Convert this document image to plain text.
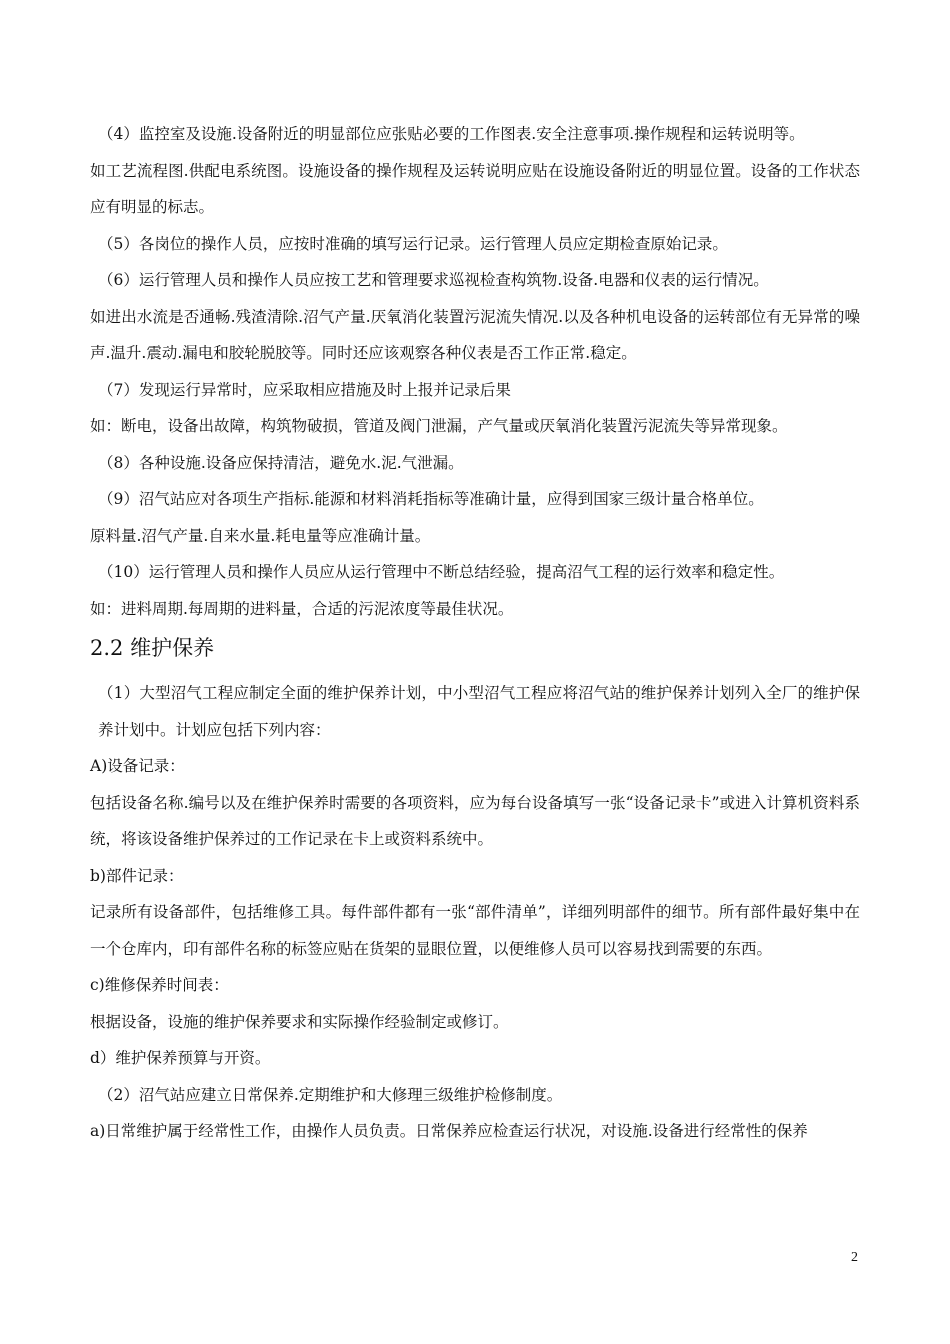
（4）监控室及设施.设备附近的明显部位应张贴必要的工作图表.安全注意事项.操作规程和运转说明等。

如工艺流程图.供配电系统图。设施设备的操作规程及运转说明应贴在设施设备附近的明显位置。设备的工作状态应有明显的标志。

（5）各岗位的操作人员，应按时准确的填写运行记录。运行管理人员应定期检查原始记录。

（6）运行管理人员和操作人员应按工艺和管理要求巡视检查构筑物.设备.电器和仪表的运行情况。

如进出水流是否通畅.残渣清除.沼气产量.厌氧消化装置污泥流失情况.以及各种机电设备的运转部位有无异常的噪声.温升.震动.漏电和胶轮脱胶等。同时还应该观察各种仪表是否工作正常.稳定。

（7）发现运行异常时，应采取相应措施及时上报并记录后果

如：断电，设备出故障，构筑物破损，管道及阀门泄漏，产气量或厌氧消化装置污泥流失等异常现象。

（8）各种设施.设备应保持清洁，避免水.泥.气泄漏。

（9）沼气站应对各项生产指标.能源和材料消耗指标等准确计量，应得到国家三级计量合格单位。

原料量.沼气产量.自来水量.耗电量等应准确计量。

（10）运行管理人员和操作人员应从运行管理中不断总结经验，提高沼气工程的运行效率和稳定性。

如：进料周期.每周期的进料量，合适的污泥浓度等最佳状况。

2.2 维护保养

（1）大型沼气工程应制定全面的维护保养计划，中小型沼气工程应将沼气站的维护保养计划列入全厂的维护保养计划中。计划应包括下列内容：

A)设备记录：

包括设备名称.编号以及在维护保养时需要的各项资料，应为每台设备填写一张“设备记录卡”或进入计算机资料系统，将该设备维护保养过的工作记录在卡上或资料系统中。

b)部件记录：

记录所有设备部件，包括维修工具。每件部件都有一张“部件清单”，详细列明部件的细节。所有部件最好集中在一个仓库内，印有部件名称的标签应贴在货架的显眼位置，以便维修人员可以容易找到需要的东西。

c)维修保养时间表：

根据设备，设施的维护保养要求和实际操作经验制定或修订。

d）维护保养预算与开资。

（2）沼气站应建立日常保养.定期维护和大修理三级维护检修制度。

a)日常维护属于经常性工作，由操作人员负责。日常保养应检查运行状况，对设施.设备进行经常性的保养

2
